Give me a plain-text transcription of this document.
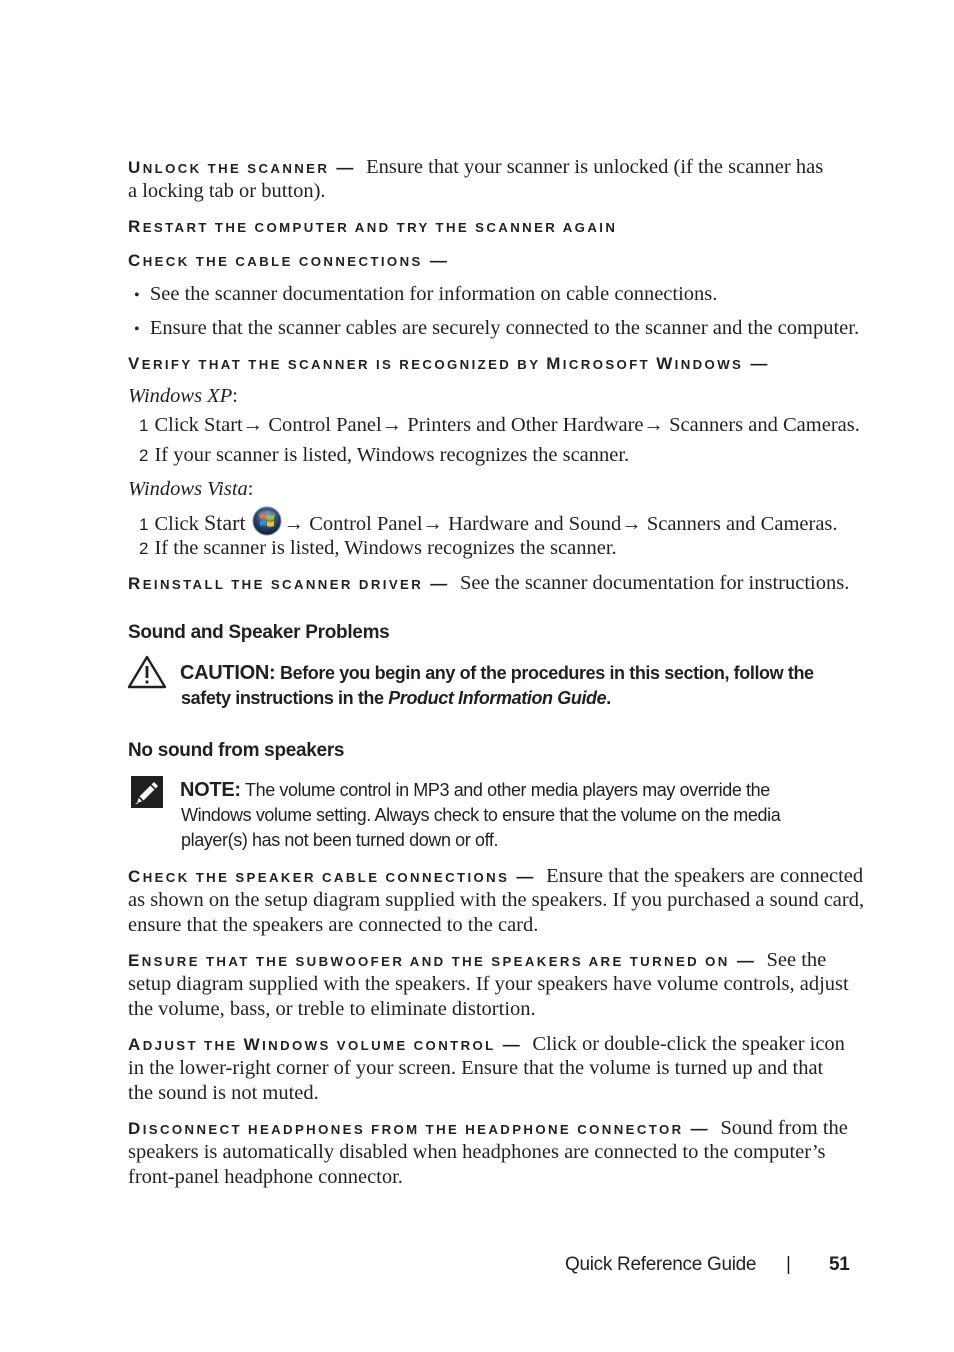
UNLOCK THE SCANNER — Ensure that your scanner is unlocked (if the scanner has
a locking tab or button).
RESTART THE COMPUTER AND TRY THE SCANNER AGAIN
CHECK THE CABLE CONNECTIONS —
• See the scanner documentation for information on cable connections.
• Ensure that the scanner cables are securely connected to the scanner and the computer.
VERIFY THAT THE SCANNER IS RECOGNIZED BY MICROSOFT WINDOWS —
Windows XP:
1 Click Start→ Control Panel→ Printers and Other Hardware→ Scanners and Cameras.
2 If your scanner is listed, Windows recognizes the scanner.
Windows Vista:
1 Click Start → Control Panel→ Hardware and Sound→ Scanners and Cameras.
2 If the scanner is listed, Windows recognizes the scanner.
REINSTALL THE SCANNER DRIVER — See the scanner documentation for instructions.
Sound and Speaker Problems
CAUTION: Before you begin any of the procedures in this section, follow the
safety instructions in the Product Information Guide.
No sound from speakers
NOTE: The volume control in MP3 and other media players may override the
Windows volume setting. Always check to ensure that the volume on the media
player(s) has not been turned down or off.
CHECK THE SPEAKER CABLE CONNECTIONS — Ensure that the speakers are connected
as shown on the setup diagram supplied with the speakers. If you purchased a sound card,
ensure that the speakers are connected to the card.
ENSURE THAT THE SUBWOOFER AND THE SPEAKERS ARE TURNED ON — See the
setup diagram supplied with the speakers. If your speakers have volume controls, adjust
the volume, bass, or treble to eliminate distortion.
ADJUST THE WINDOWS VOLUME CONTROL — Click or double-click the speaker icon
in the lower-right corner of your screen. Ensure that the volume is turned up and that
the sound is not muted.
DISCONNECT HEADPHONES FROM THE HEADPHONE CONNECTOR — Sound from the
speakers is automatically disabled when headphones are connected to the computer’s
front-panel headphone connector.
Quick Reference Guide | 51
